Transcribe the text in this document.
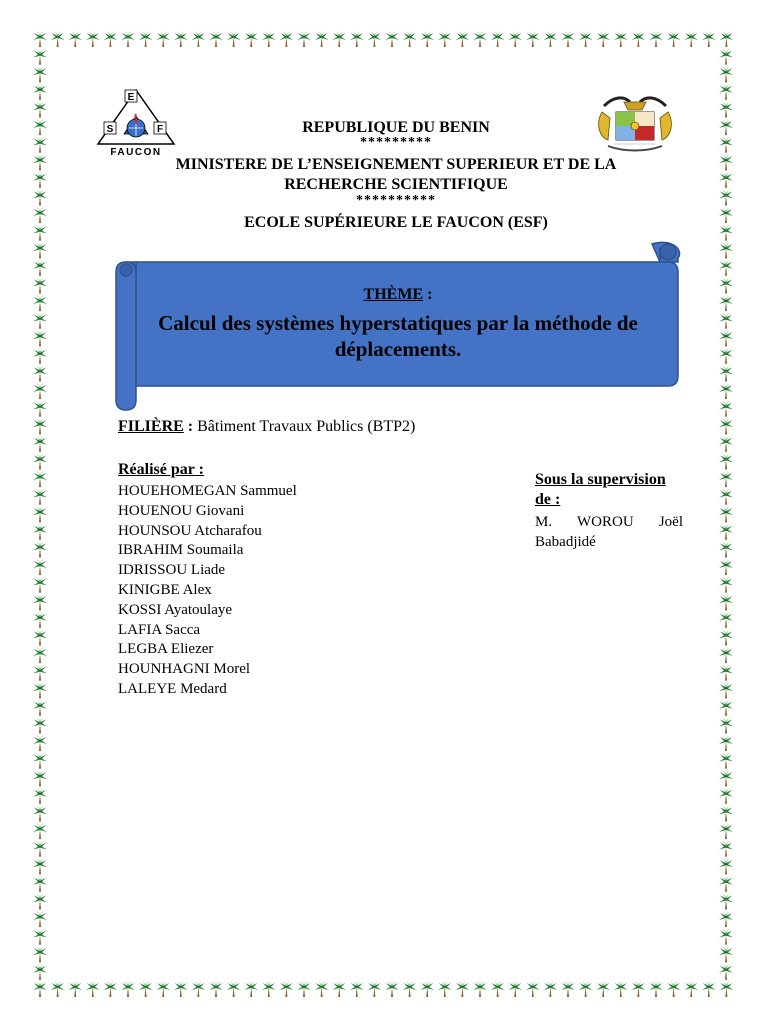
E
S	F
FAUCON
REPUBLIQUE DU BENIN
*********
MINISTERE DE L’ENSEIGNEMENT SUPERIEUR ET DE LA RECHERCHE SCIENTIFIQUE
**********
ECOLE SUPÉRIEURE LE FAUCON (ESF)
THÈME :
Calcul des systèmes hyperstatiques par la méthode de déplacements.
FILIÈRE : Bâtiment Travaux Publics (BTP2)
Réalisé par :
HOUEHOMEGAN Sammuel
HOUENOU Giovani
HOUNSOU Atcharafou
IBRAHIM Soumaila
IDRISSOU Liade
KINIGBE Alex
KOSSI Ayatoulaye
LAFIA Sacca
LEGBA Eliezer
HOUNHAGNI Morel
LALEYE Medard
Sous la supervision de :
M. WOROU Joël Babadjidé
